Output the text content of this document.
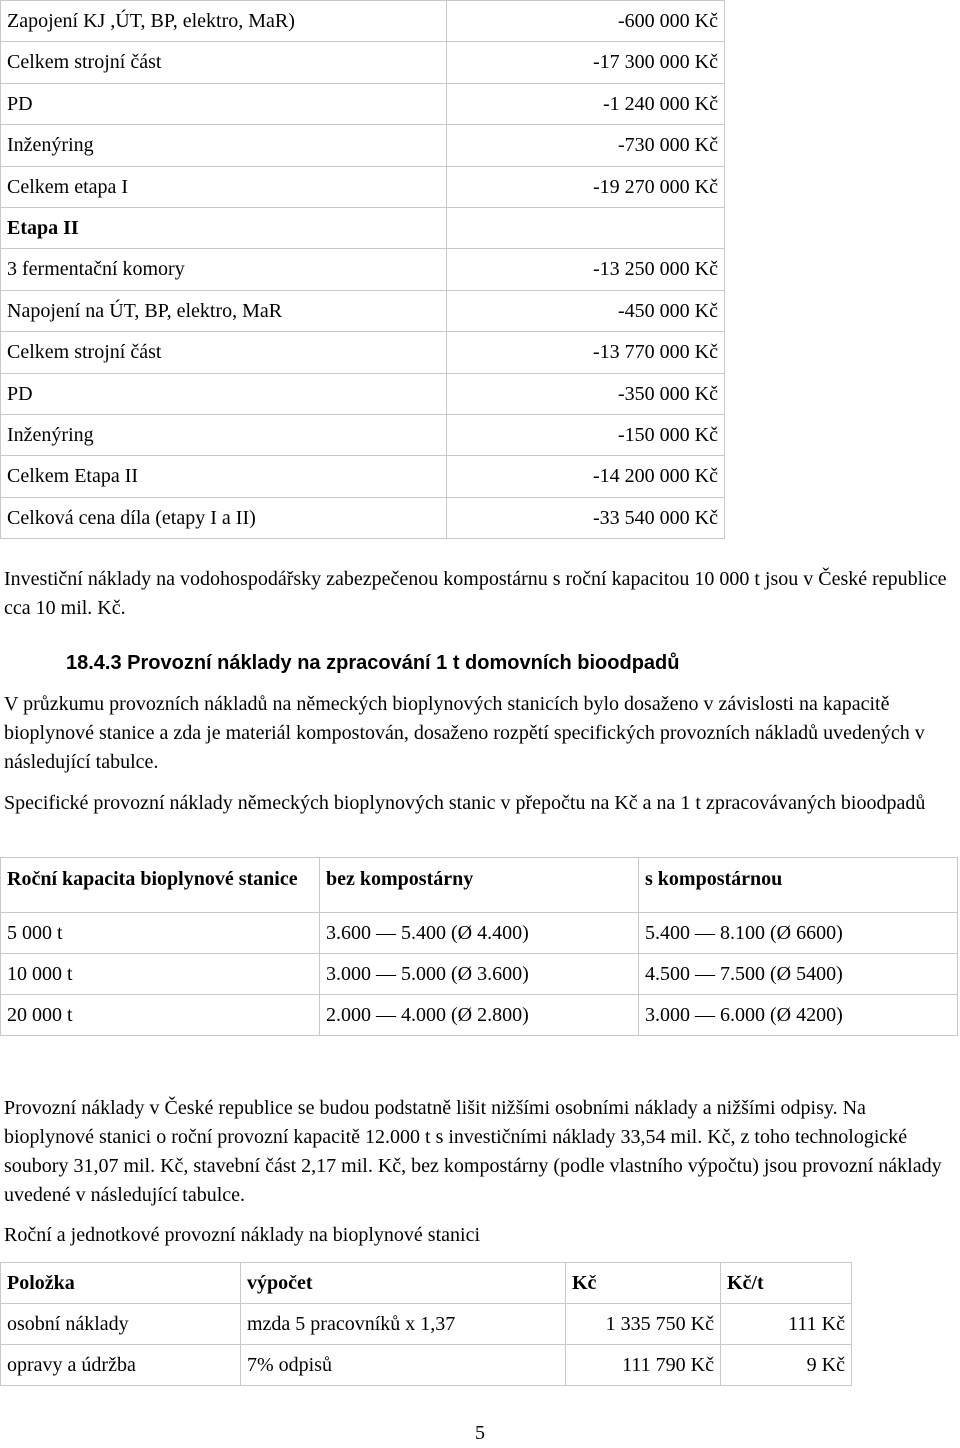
Zapojení KJ ,ÚT, BP, elektro, MaR)	-600 000 Kč
Celkem strojní část	-17 300 000 Kč
PD	-1 240 000 Kč
Inženýring	-730 000 Kč
Celkem etapa I	-19 270 000 Kč
Etapa II	
3 fermentační komory	-13 250 000 Kč
Napojení na ÚT, BP, elektro, MaR	-450 000 Kč
Celkem strojní část	-13 770 000 Kč
PD	-350 000 Kč
Inženýring	-150 000 Kč
Celkem Etapa II	-14 200 000 Kč
Celková cena díla (etapy I a II)	-33 540 000 Kč

Investiční náklady na vodohospodářsky zabezpečenou kompostárnu s roční kapacitou 10 000 t jsou v České republice cca 10 mil. Kč.

18.4.3 Provozní náklady na zpracování 1 t domovních bioodpadů

V průzkumu provozních nákladů na německých bioplynových stanicích bylo dosaženo v závislosti na kapacitě bioplynové stanice a zda je materiál kompostován, dosaženo rozpětí specifických provozních nákladů uvedených v následující tabulce.

Specifické provozní náklady německých bioplynových stanic v přepočtu na Kč a na 1 t zpracovávaných bioodpadů

Roční kapacita bioplynové stanice	bez kompostárny	s kompostárnou
5 000 t	3.600 — 5.400 (Ø 4.400)	5.400 — 8.100 (Ø 6600)
10 000 t	3.000 — 5.000 (Ø 3.600)	4.500 — 7.500 (Ø 5400)
20 000 t	2.000 — 4.000 (Ø 2.800)	3.000 — 6.000 (Ø 4200)

Provozní náklady v České republice se budou podstatně lišit nižšími osobními náklady a nižšími odpisy. Na bioplynové stanici o roční provozní kapacitě 12.000 t s investičními náklady 33,54 mil. Kč, z toho technologické soubory 31,07 mil. Kč, stavební část 2,17 mil. Kč, bez kompostárny (podle vlastního výpočtu) jsou provozní náklady uvedené v následující tabulce.

Roční a jednotkové provozní náklady na bioplynové stanici

Položka	výpočet	Kč	Kč/t
osobní náklady	mzda 5 pracovníků x 1,37	1 335 750 Kč	111 Kč
opravy a údržba	7% odpisů	111 790 Kč	9 Kč
5
